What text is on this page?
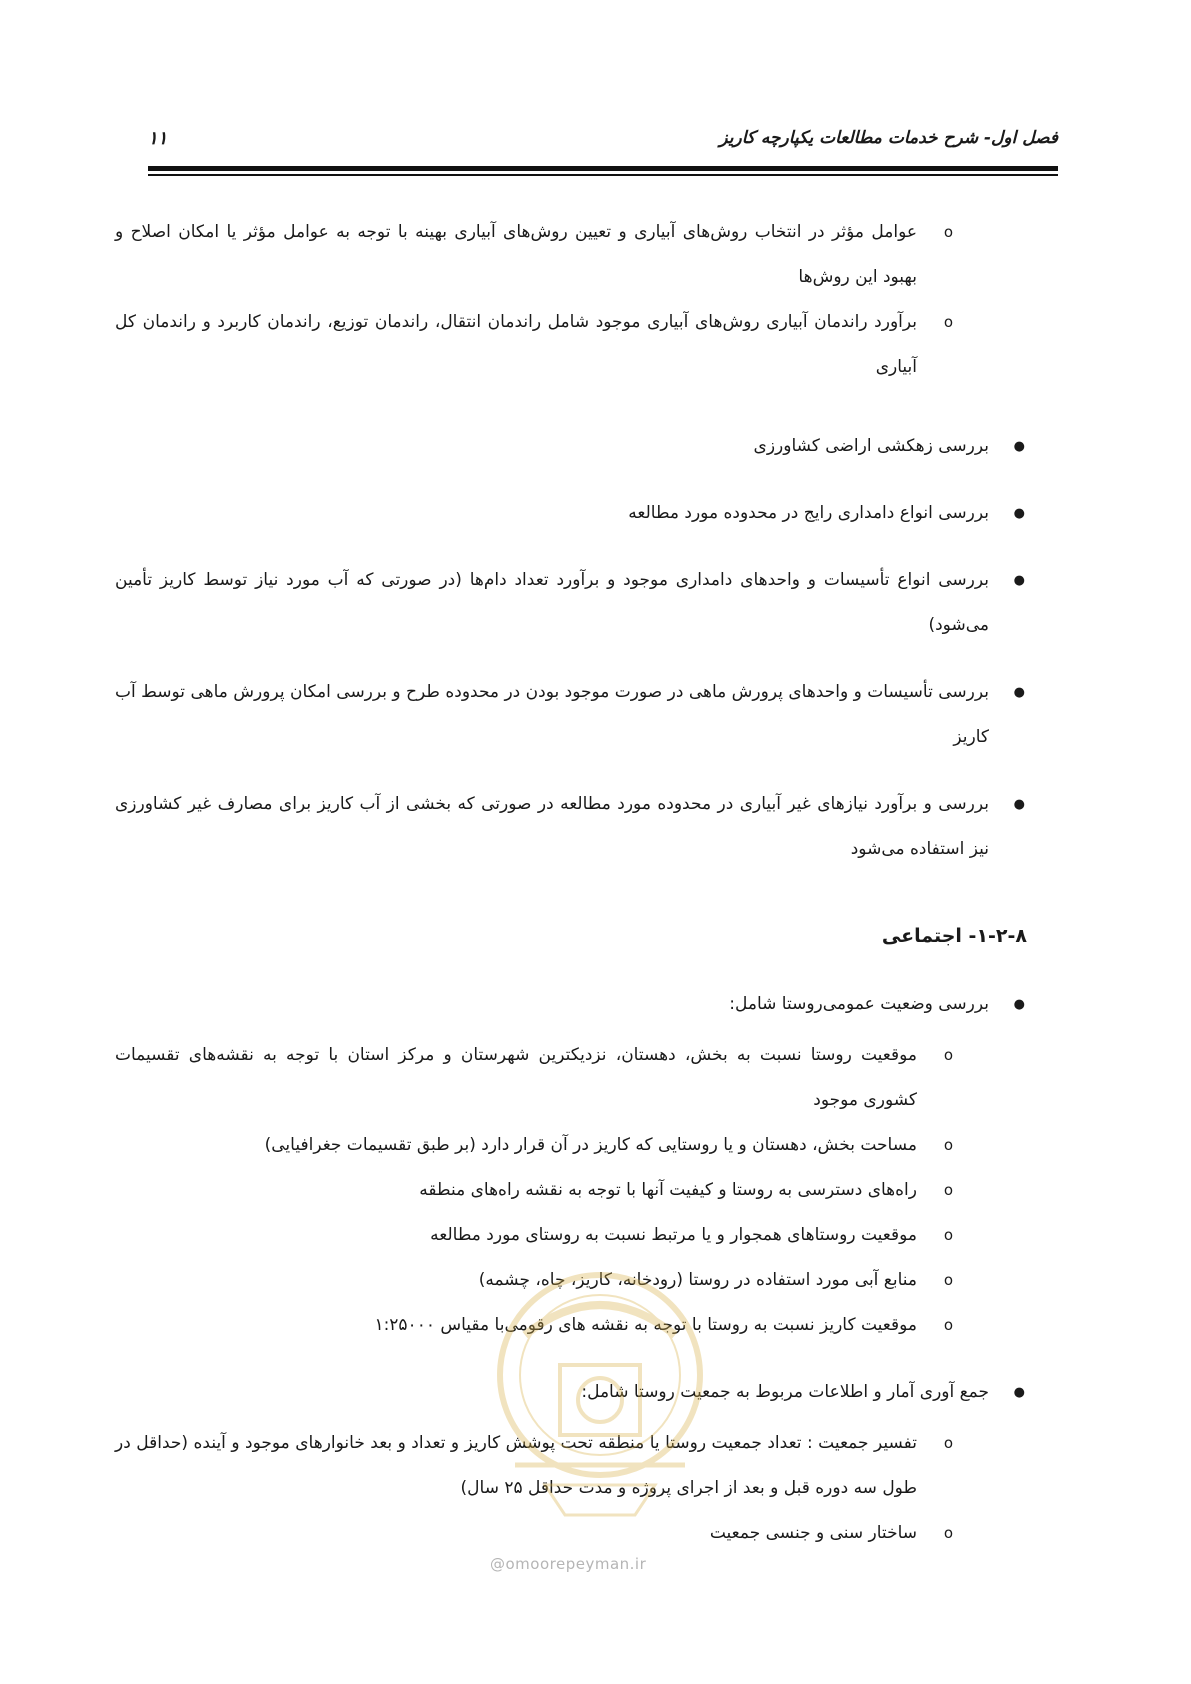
فصل اول- شرح خدمات مطالعات یکپارچه کاریز
۱۱
o
عوامل مؤثر در انتخاب روش‌های آبیاری و تعیین روش‌های آبیاری بهینه با توجه به عوامل مؤثر یا امکان اصلاح و بهبود این روش‌ها
o
برآورد راندمان آبیاری روش‌های آبیاری موجود شامل راندمان انتقال، راندمان توزیع، راندمان کاربرد و راندمان کل آبیاری
●
بررسی زهکشی اراضی کشاورزی
●
بررسی انواع دامداری رایج در محدوده مورد مطالعه
●
بررسی انواع تأسیسات و واحدهای دامداری موجود و برآورد تعداد دام‌ها (در صورتی که آب مورد نیاز توسط کاریز تأمین می‌شود)
●
بررسی تأسیسات و واحدهای پرورش ماهی در صورت موجود بودن در محدوده طرح و بررسی امکان پرورش ماهی توسط آب کاریز
●
بررسی و برآورد نیازهای غیر آبیاری در محدوده مورد مطالعه در صورتی که بخشی از آب کاریز برای مصارف غیر کشاورزی نیز استفاده می‌شود
۱-۲-۸- اجتماعی
●
بررسی وضعیت عمومی‌روستا شامل:
o
موقعیت روستا نسبت به بخش، دهستان، نزدیکترین شهرستان و مرکز استان با توجه به نقشه‌های تقسیمات کشوری موجود
o
مساحت بخش، دهستان و یا روستایی که کاریز در آن قرار دارد (بر طبق تقسیمات جغرافیایی)
o
راه‌های دسترسی به روستا و کیفیت آنها با توجه به نقشه راه‌های منطقه
o
موقعیت روستاهای همجوار و یا مرتبط نسبت به روستای مورد مطالعه
o
منابع آبی مورد استفاده در روستا (رودخانه، کاریز، چاه، چشمه)
o
موقعیت کاریز نسبت به روستا با توجه به نقشه های رقومی‌با مقیاس ۱:۲۵۰۰۰
●
جمع آوری آمار و اطلاعات مربوط به جمعیت روستا شامل:
o
تفسیر جمعیت : تعداد جمعیت روستا یا منطقه تحت پوشش کاریز و تعداد و بعد خانوارهای موجود و آینده (حداقل در طول سه دوره قبل و بعد از اجرای پروژه و مدت حداقل ۲۵ سال)
o
ساختار سنی و جنسی جمعیت
@omoorepeyman.ir
